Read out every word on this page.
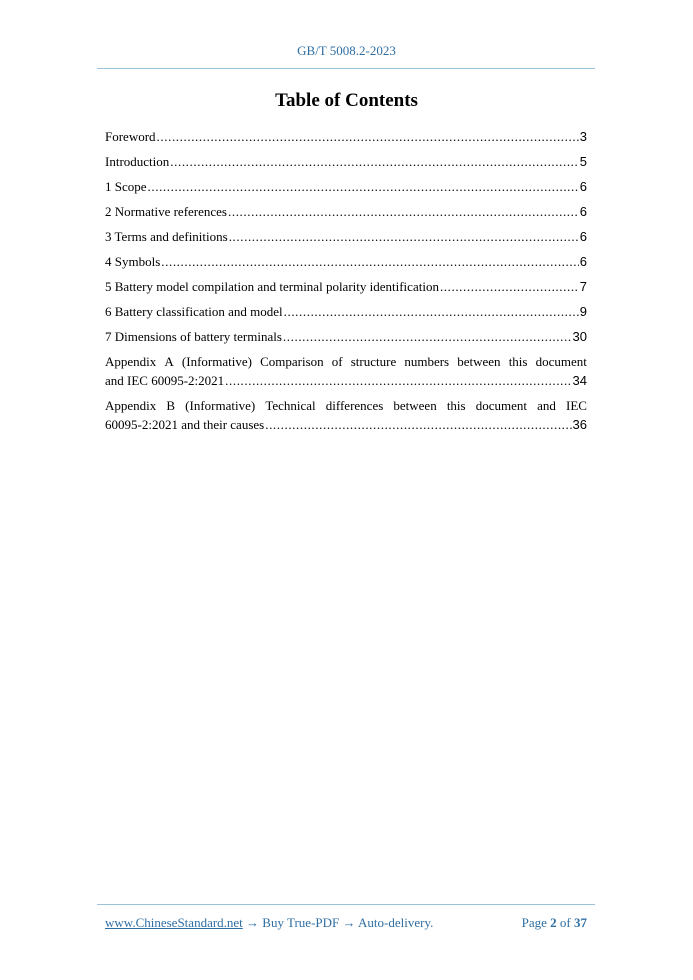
GB/T 5008.2-2023
Table of Contents
Foreword .....	3
Introduction .....	5
1 Scope .....	6
2 Normative references .....	6
3 Terms and definitions .....	6
4 Symbols .....	6
5 Battery model compilation and terminal polarity identification .....	7
6 Battery classification and model .....	9
7 Dimensions of battery terminals .....	30
Appendix A (Informative) Comparison of structure numbers between this document
and IEC 60095-2:2021 .....	34
Appendix B (Informative) Technical differences between this document and IEC
60095-2:2021 and their causes .....	36
www.ChineseStandard.net → Buy True-PDF → Auto-delivery.	Page 2 of 37
